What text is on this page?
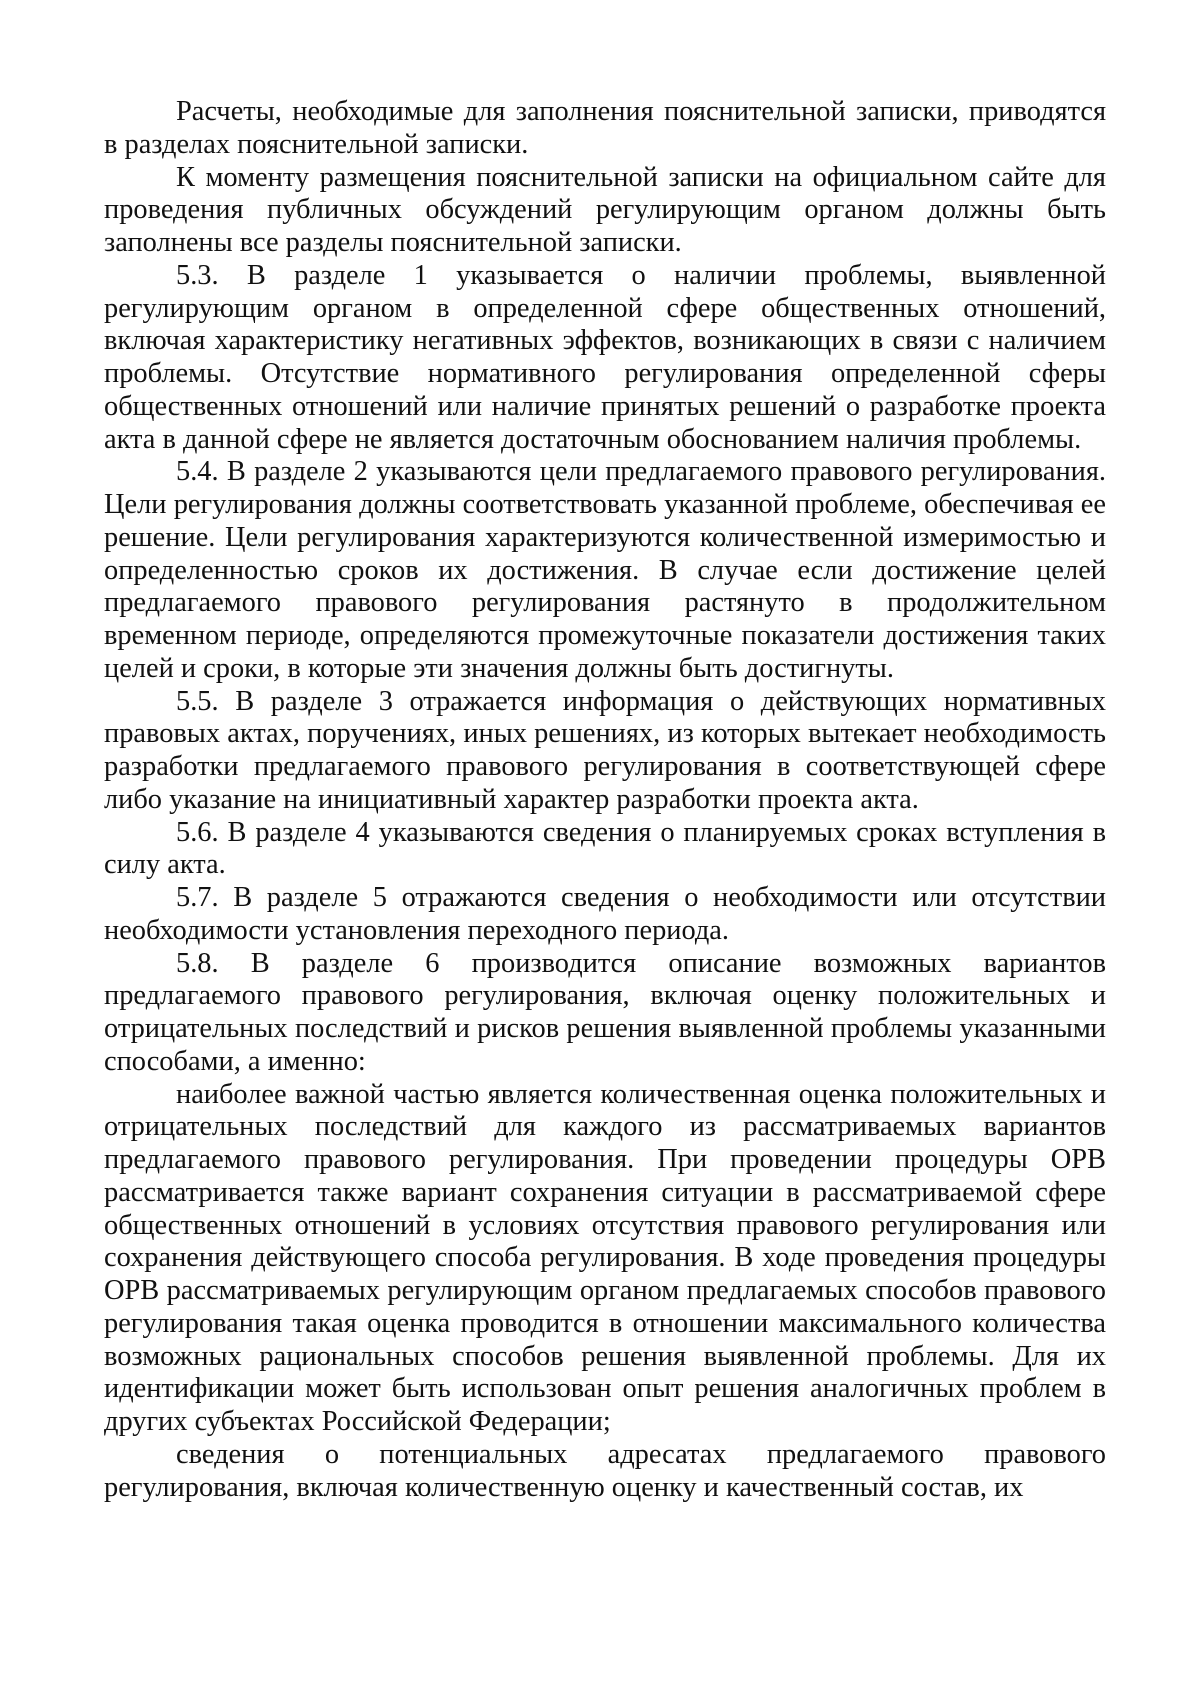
Расчеты, необходимые для заполнения пояснительной записки, приводятся в разделах пояснительной записки.

К моменту размещения пояснительной записки на официальном сайте для проведения публичных обсуждений регулирующим органом должны быть заполнены все разделы пояснительной записки.

5.3. В разделе 1 указывается о наличии проблемы, выявленной регулирующим органом в определенной сфере общественных отношений, включая характеристику негативных эффектов, возникающих в связи с наличием проблемы. Отсутствие нормативного регулирования определенной сферы общественных отношений или наличие принятых решений о разработке проекта акта в данной сфере не является достаточным обоснованием наличия проблемы.

5.4. В разделе 2 указываются цели предлагаемого правового регулирования. Цели регулирования должны соответствовать указанной проблеме, обеспечивая ее решение. Цели регулирования характеризуются количественной измеримостью и определенностью сроков их достижения. В случае если достижение целей предлагаемого правового регулирования растянуто в продолжительном временном периоде, определяются промежуточные показатели достижения таких целей и сроки, в которые эти значения должны быть достигнуты.

5.5. В разделе 3 отражается информация о действующих нормативных правовых актах, поручениях, иных решениях, из которых вытекает необходимость разработки предлагаемого правового регулирования в соответствующей сфере либо указание на инициативный характер разработки проекта акта.

5.6. В разделе 4 указываются сведения о планируемых сроках вступления в силу акта.

5.7. В разделе 5 отражаются сведения о необходимости или отсутствии необходимости установления переходного периода.

5.8. В разделе 6 производится описание возможных вариантов предлагаемого правового регулирования, включая оценку положительных и отрицательных последствий и рисков решения выявленной проблемы указанными способами, а именно:

наиболее важной частью является количественная оценка положительных и отрицательных последствий для каждого из рассматриваемых вариантов предлагаемого правового регулирования. При проведении процедуры ОРВ рассматривается также вариант сохранения ситуации в рассматриваемой сфере общественных отношений в условиях отсутствия правового регулирования или сохранения действующего способа регулирования. В ходе проведения процедуры ОРВ рассматриваемых регулирующим органом предлагаемых способов правового регулирования такая оценка проводится в отношении максимального количества возможных рациональных способов решения выявленной проблемы. Для их идентификации может быть использован опыт решения аналогичных проблем в других субъектах Российской Федерации;

сведения о потенциальных адресатах предлагаемого правового регулирования, включая количественную оценку и качественный состав, их
